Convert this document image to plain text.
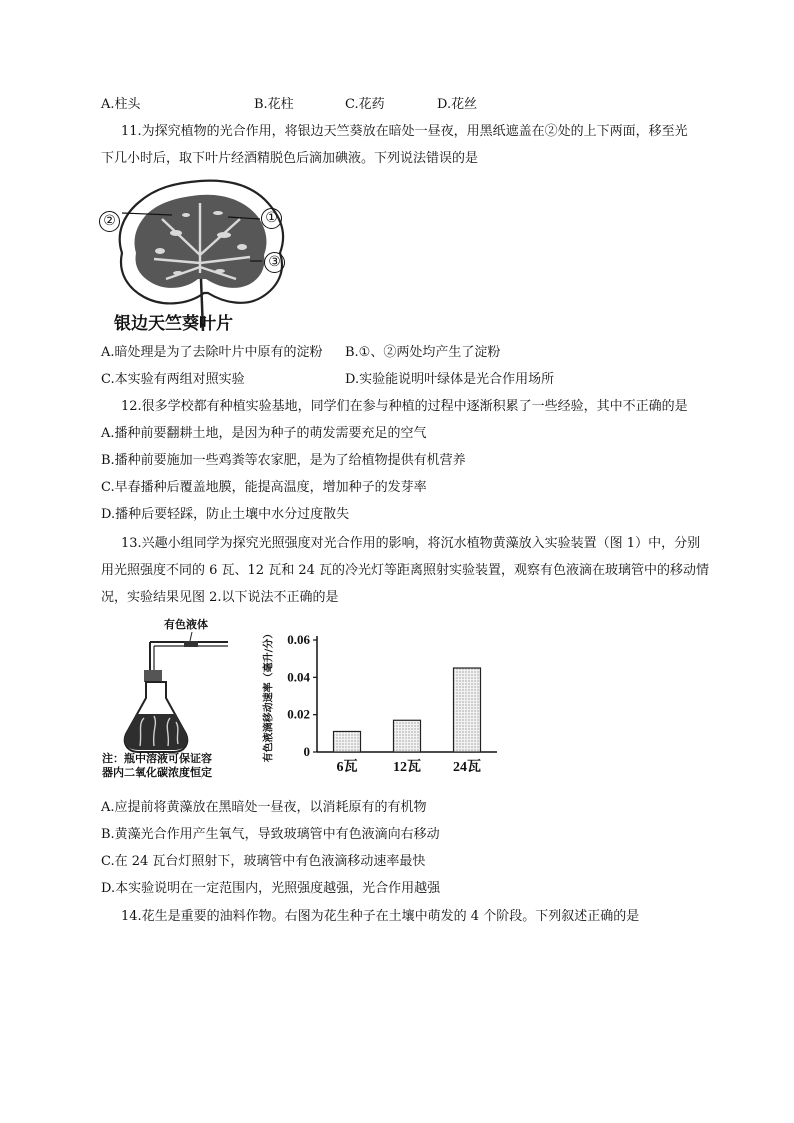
A.柱头	B.花柱	C.花药	D.花丝
11.为探究植物的光合作用，将银边天竺葵放在暗处一昼夜，用黑纸遮盖在②处的上下两面，移至光
下几小时后，取下叶片经酒精脱色后滴加碘液。下列说法错误的是
②	①
③
银边天竺葵叶片
A.暗处理是为了去除叶片中原有的淀粉 B.①、②两处均产生了淀粉
C.本实验有两组对照实验	D.实验能说明叶绿体是光合作用场所
12.很多学校都有种植实验基地，同学们在参与种植的过程中逐渐积累了一些经验，其中不正确的是
A.播种前要翻耕土地，是因为种子的萌发需要充足的空气
B.播种前要施加一些鸡粪等农家肥，是为了给植物提供有机营养
C.早春播种后覆盖地膜，能提高温度，增加种子的发芽率
D.播种后要轻踩，防止土壤中水分过度散失
13.兴趣小组同学为探究光照强度对光合作用的影响，将沉水植物黄藻放入实验装置（图 1）中，分别
用光照强度不同的 6 瓦、12 瓦和 24 瓦的冷光灯等距离照射实验装置，观察有色液滴在玻璃管中的移动情
况，实验结果见图 2.以下说法不正确的是
有色液体
注：瓶中溶液可保证容
器内二氧化碳浓度恒定
0
0.02
0.04
0.06
6瓦	12瓦 24瓦
有色液滴移动速率（毫升/分）
A.应提前将黄藻放在黑暗处一昼夜，以消耗原有的有机物
B.黄藻光合作用产生氧气，导致玻璃管中有色液滴向右移动
C.在 24 瓦台灯照射下，玻璃管中有色液滴移动速率最快
D.本实验说明在一定范围内，光照强度越强，光合作用越强
14.花生是重要的油料作物。右图为花生种子在土壤中萌发的 4 个阶段。下列叙述正确的是
